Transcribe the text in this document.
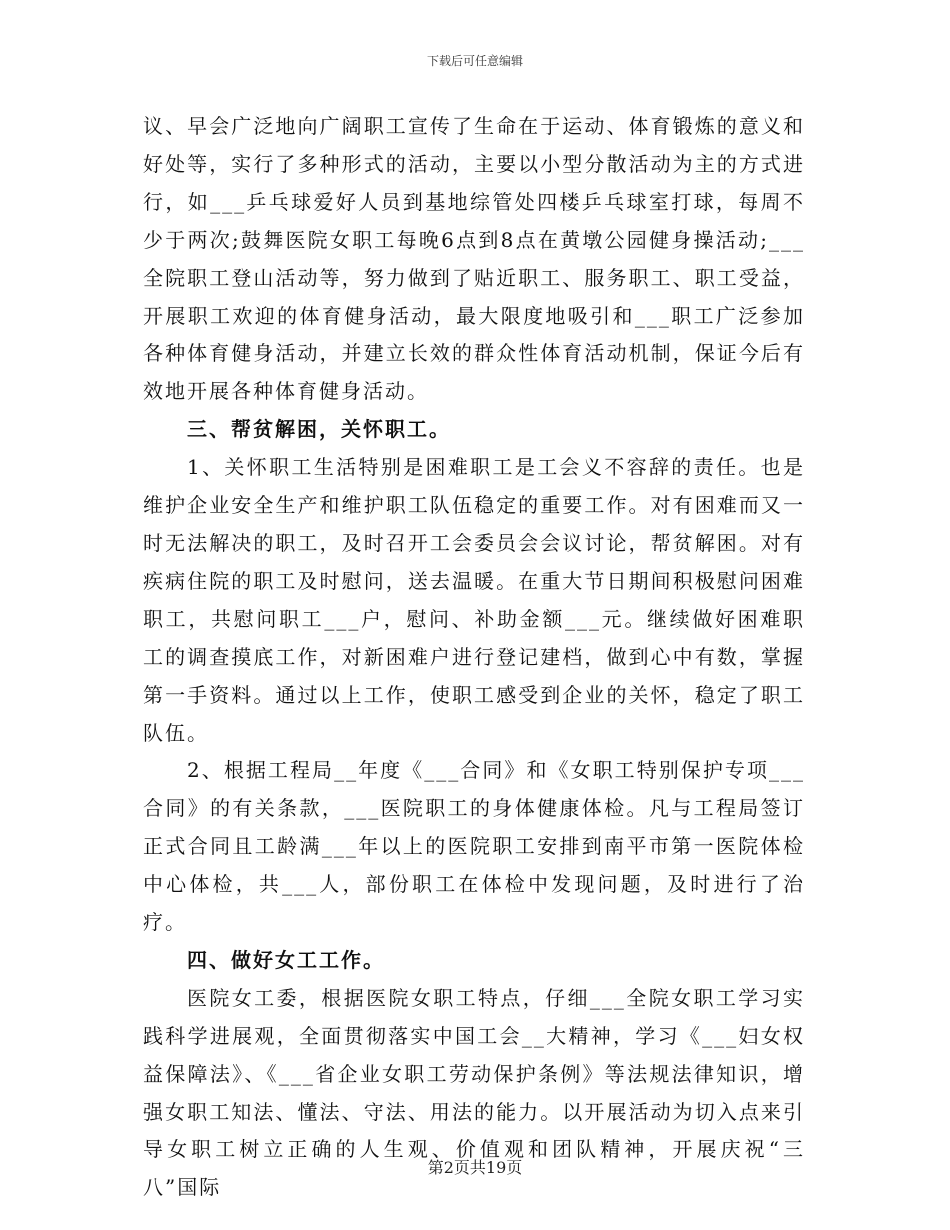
下载后可任意编辑

议、早会广泛地向广阔职工宣传了生命在于运动、体育锻炼的意义和好处等，实行了多种形式的活动，主要以小型分散活动为主的方式进行，如___乒乓球爱好人员到基地综管处四楼乒乓球室打球，每周不少于两次;鼓舞医院女职工每晚6点到8点在黄墩公园健身操活动;___全院职工登山活动等，努力做到了贴近职工、服务职工、职工受益，开展职工欢迎的体育健身活动，最大限度地吸引和___职工广泛参加各种体育健身活动，并建立长效的群众性体育活动机制，保证今后有效地开展各种体育健身活动。

三、帮贫解困，关怀职工。

1、关怀职工生活特别是困难职工是工会义不容辞的责任。也是维护企业安全生产和维护职工队伍稳定的重要工作。对有困难而又一时无法解决的职工，及时召开工会委员会会议讨论，帮贫解困。对有疾病住院的职工及时慰问，送去温暖。在重大节日期间积极慰问困难职工，共慰问职工___户，慰问、补助金额___元。继续做好困难职工的调查摸底工作，对新困难户进行登记建档，做到心中有数，掌握第一手资料。通过以上工作，使职工感受到企业的关怀，稳定了职工队伍。

2、根据工程局__年度《___合同》和《女职工特别保护专项___合同》的有关条款，___医院职工的身体健康体检。凡与工程局签订正式合同且工龄满___年以上的医院职工安排到南平市第一医院体检中心体检，共___人，部份职工在体检中发现问题，及时进行了治疗。

四、做好女工工作。

医院女工委，根据医院女职工特点，仔细___全院女职工学习实践科学进展观，全面贯彻落实中国工会__大精神，学习《___妇女权益保障法》、《___省企业女职工劳动保护条例》等法规法律知识，增强女职工知法、懂法、守法、用法的能力。以开展活动为切入点来引导女职工树立正确的人生观、价值观和团队精神，开展庆祝“三八”国际

第2页共19页
